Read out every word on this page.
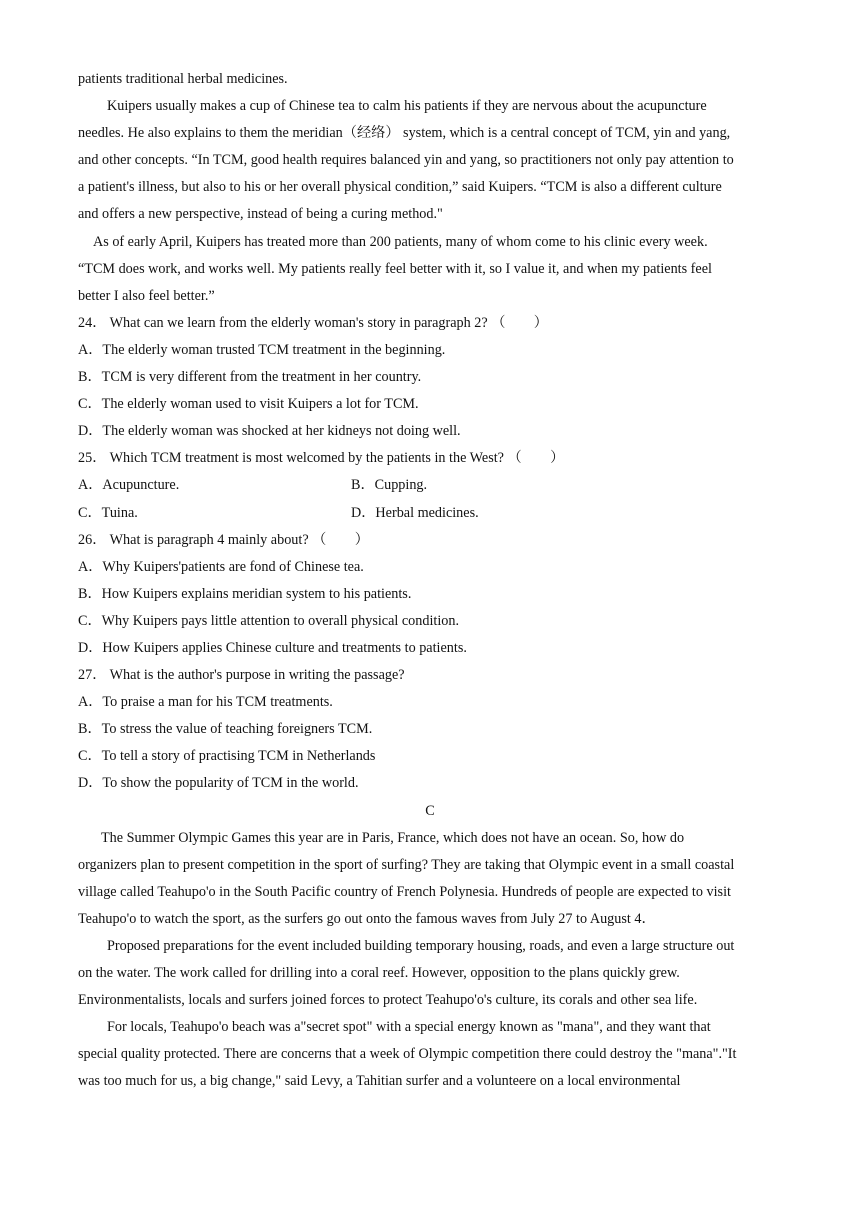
patients traditional herbal medicines.
Kuipers usually makes a cup of Chinese tea to calm his patients if they are nervous about the acupuncture
needles. He also explains to them the meridian（经络） system, which is a central concept of TCM, yin and yang,
and other concepts. “In TCM, good health requires balanced yin and yang, so practitioners not only pay attention to
a patient's illness, but also to his or her overall physical condition,” said Kuipers. “TCM is also a different culture
and offers a new perspective, instead of being a curing method."
As of early April, Kuipers has treated more than 200 patients, many of whom come to his clinic every week.
“TCM does work, and works well. My patients really feel better with it, so I value it, and when my patients feel
better I also feel better.”
24． What can we learn from the elderly woman's story in paragraph 2? （　　）
A．The elderly woman trusted TCM treatment in the beginning.
B．TCM is very different from the treatment in her country.
C．The elderly woman used to visit Kuipers a lot for TCM.
D．The elderly woman was shocked at her kidneys not doing well.
25． Which TCM treatment is most welcomed by the patients in the West? （　　）
A．Acupuncture.	B．Cupping.
C．Tuina.	D．Herbal medicines.
26． What is paragraph 4 mainly about? （　　）
A．Why Kuipers'patients are fond of Chinese tea.
B．How Kuipers explains meridian system to his patients.
C．Why Kuipers pays little attention to overall physical condition.
D．How Kuipers applies Chinese culture and treatments to patients.
27． What is the author's purpose in writing the passage?
A．To praise a man for his TCM treatments.
B．To stress the value of teaching foreigners TCM.
C．To tell a story of practising TCM in Netherlands
D．To show the popularity of TCM in the world.
C
The Summer Olympic Games this year are in Paris, France, which does not have an ocean. So, how do
organizers plan to present competition in the sport of surfing? They are taking that Olympic event in a small coastal
village called Teahupo'o in the South Pacific country of French Polynesia. Hundreds of people are expected to visit
Teahupo'o to watch the sport, as the surfers go out onto the famous waves from July 27 to August 4．
Proposed preparations for the event included building temporary housing, roads, and even a large structure out
on the water. The work called for drilling into a coral reef. However, opposition to the plans quickly grew.
Environmentalists, locals and surfers joined forces to protect Teahupo'o's culture, its corals and other sea life.
For locals, Teahupo'o beach was a"secret spot" with a special energy known as "mana", and they want that
special quality protected. There are concerns that a week of Olympic competition there could destroy the "mana"."It
was too much for us, a big change," said Levy, a Tahitian surfer and a volunteere on a local environmental
